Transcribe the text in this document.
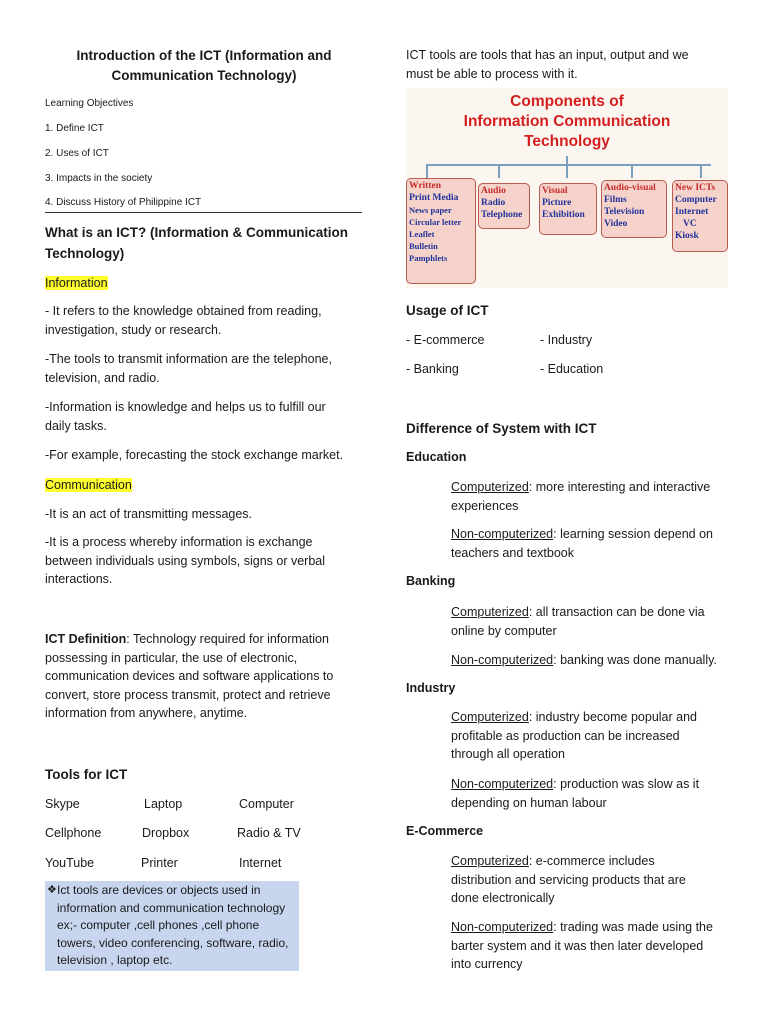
Introduction of the ICT (Information and
Communication Technology)
Learning Objectives
1. Define ICT
2. Uses of ICT
3. Impacts in the society
4. Discuss History of Philippine ICT
What is an ICT? (Information & Communication
Technology)
Information
- It refers to the knowledge obtained from reading,
investigation, study or research.
-The tools to transmit information are the telephone,
television, and radio.
-Information is knowledge and helps us to fulfill our
daily tasks.
-For example, forecasting the stock exchange market.
Communication
-It is an act of transmitting messages.
-It is a process whereby information is exchange
between individuals using symbols, signs or verbal
interactions.
ICT Definition: Technology required for information
possessing in particular, the use of electronic,
communication devices and software applications to
convert, store process transmit, protect and retrieve
information from anywhere, anytime.
Tools for ICT
Skype	Laptop	Computer
Cellphone	Dropbox	Radio & TV
YouTube	Printer	Internet
❖ Ict tools are devices or objects used in
information and communication technology
ex;- computer ,cell phones ,cell phone
towers, video conferencing, software, radio,
television , laptop etc.
ICT tools are tools that has an input, output and we
must be able to process with it.
Components of
Information Communication
Technology
Written
Print Media
News paper
Circular letter
Leaflet
Bulletin
Pamphlets
Audio
Radio
Telephone
Visual
Picture
Exhibition
Audio-visual
Films
Television
Video
New ICTs
Computer
Internet
VC
Kiosk
Usage of ICT
- E-commerce	- Industry
- Banking	- Education
Difference of System with ICT
Education
Computerized: more interesting and interactive
experiences
Non-computerized: learning session depend on
teachers and textbook
Banking
Computerized: all transaction can be done via
online by computer
Non-computerized: banking was done manually.
Industry
Computerized: industry become popular and
profitable as production can be increased
through all operation
Non-computerized: production was slow as it
depending on human labour
E-Commerce
Computerized: e-commerce includes
distribution and servicing products that are
done electronically
Non-computerized: trading was made using the
barter system and it was then later developed
into currency
